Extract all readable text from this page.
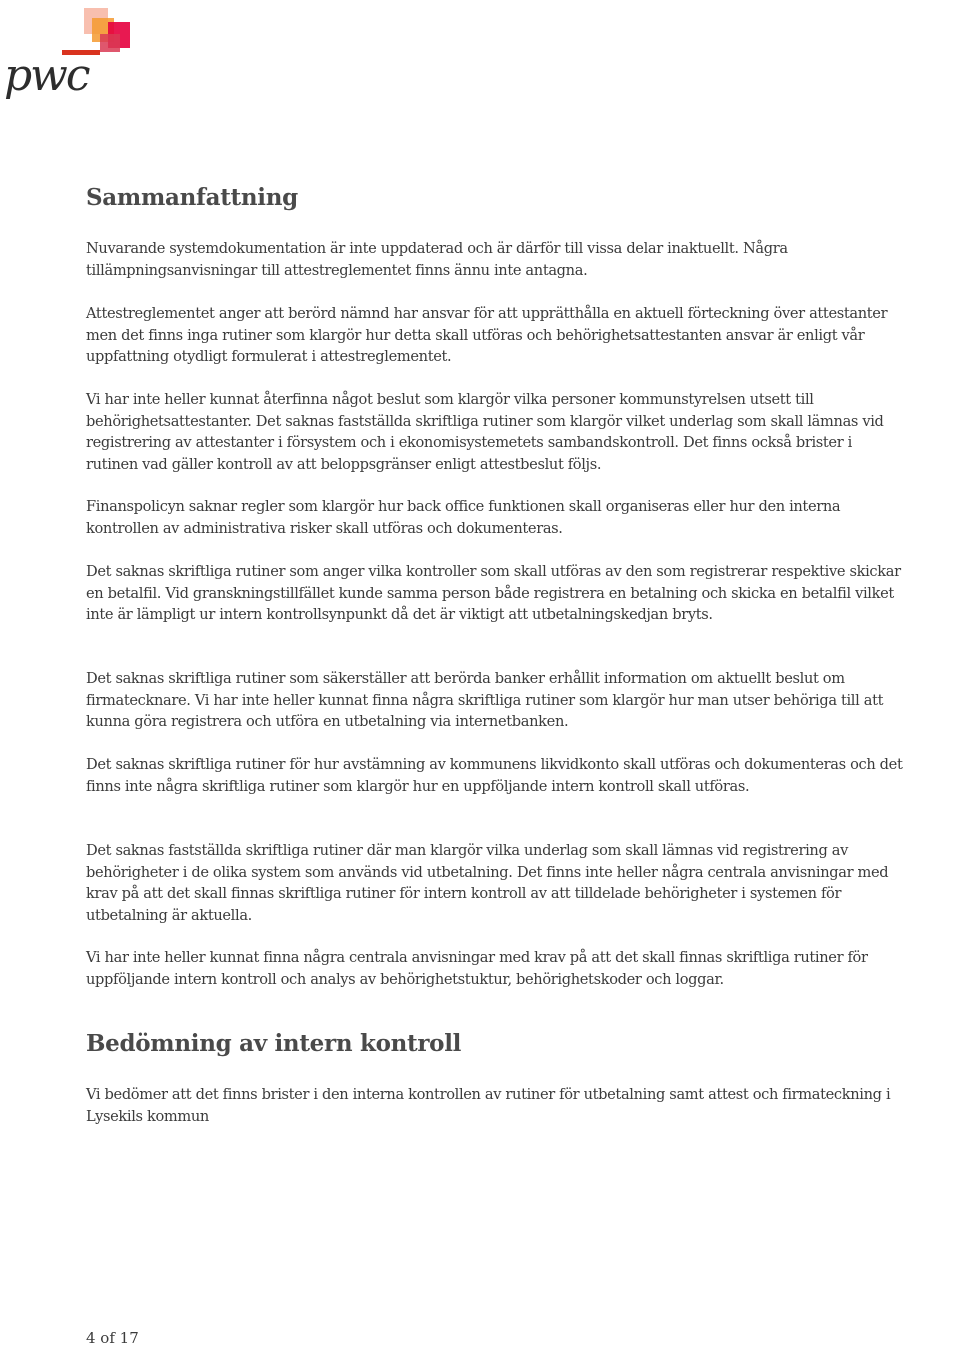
pwc
Sammanfattning

Nuvarande systemdokumentation är inte uppdaterad och är därför till vissa delar inaktuellt. Några tillämpningsanvisningar till attestreglementet finns ännu inte antagna.

Attestreglementet anger att berörd nämnd har ansvar för att upprätthålla en aktuell förteckning över attestanter men det finns inga rutiner som klargör hur detta skall utföras och behörighetsattestanten ansvar är enligt vår uppfattning otydligt formulerat i attestreglementet.

Vi har inte heller kunnat återfinna något beslut som klargör vilka personer kommunstyrelsen utsett till behörighetsattestanter. Det saknas fastställda skriftliga rutiner som klargör vilket underlag som skall lämnas vid registrering av attestanter i försystem och i ekonomisystemetets sambandskontroll. Det finns också brister i rutinen vad gäller kontroll av att beloppsgränser enligt attestbeslut följs.

Finanspolicyn saknar regler som klargör hur back office funktionen skall organiseras eller hur den interna kontrollen av administrativa risker skall utföras och dokumenteras.

Det saknas skriftliga rutiner som anger vilka kontroller som skall utföras av den som registrerar respektive skickar en betalfil. Vid granskningstillfället kunde samma person både registrera en betalning och skicka en betalfil vilket inte är lämpligt ur intern kontrollsynpunkt då det är viktigt att utbetalningskedjan bryts.

Det saknas skriftliga rutiner som säkerställer att berörda banker erhållit information om aktuellt beslut om firmatecknare. Vi har inte heller kunnat finna några skriftliga rutiner som klargör hur man utser behöriga till att kunna göra registrera och utföra en utbetalning via internetbanken.

Det saknas skriftliga rutiner för hur avstämning av kommunens likvidkonto skall utföras och dokumenteras och det finns inte några skriftliga rutiner som klargör hur en uppföljande intern kontroll skall utföras.

Det saknas fastställda skriftliga rutiner där man klargör vilka underlag som skall lämnas vid registrering av behörigheter i de olika system som används vid utbetalning. Det finns inte heller några centrala anvisningar med krav på att det skall finnas skriftliga rutiner för intern kontroll av att tilldelade behörigheter i systemen för utbetalning är aktuella.

Vi har inte heller kunnat finna några centrala anvisningar med krav på att det skall finnas skriftliga rutiner för uppföljande intern kontroll och analys av behörighetstuktur, behörighetskoder och loggar.

Bedömning av intern kontroll

Vi bedömer att det finns brister i den interna kontrollen av rutiner för utbetalning samt attest och firmateckning i Lysekils kommun

4 of 17
